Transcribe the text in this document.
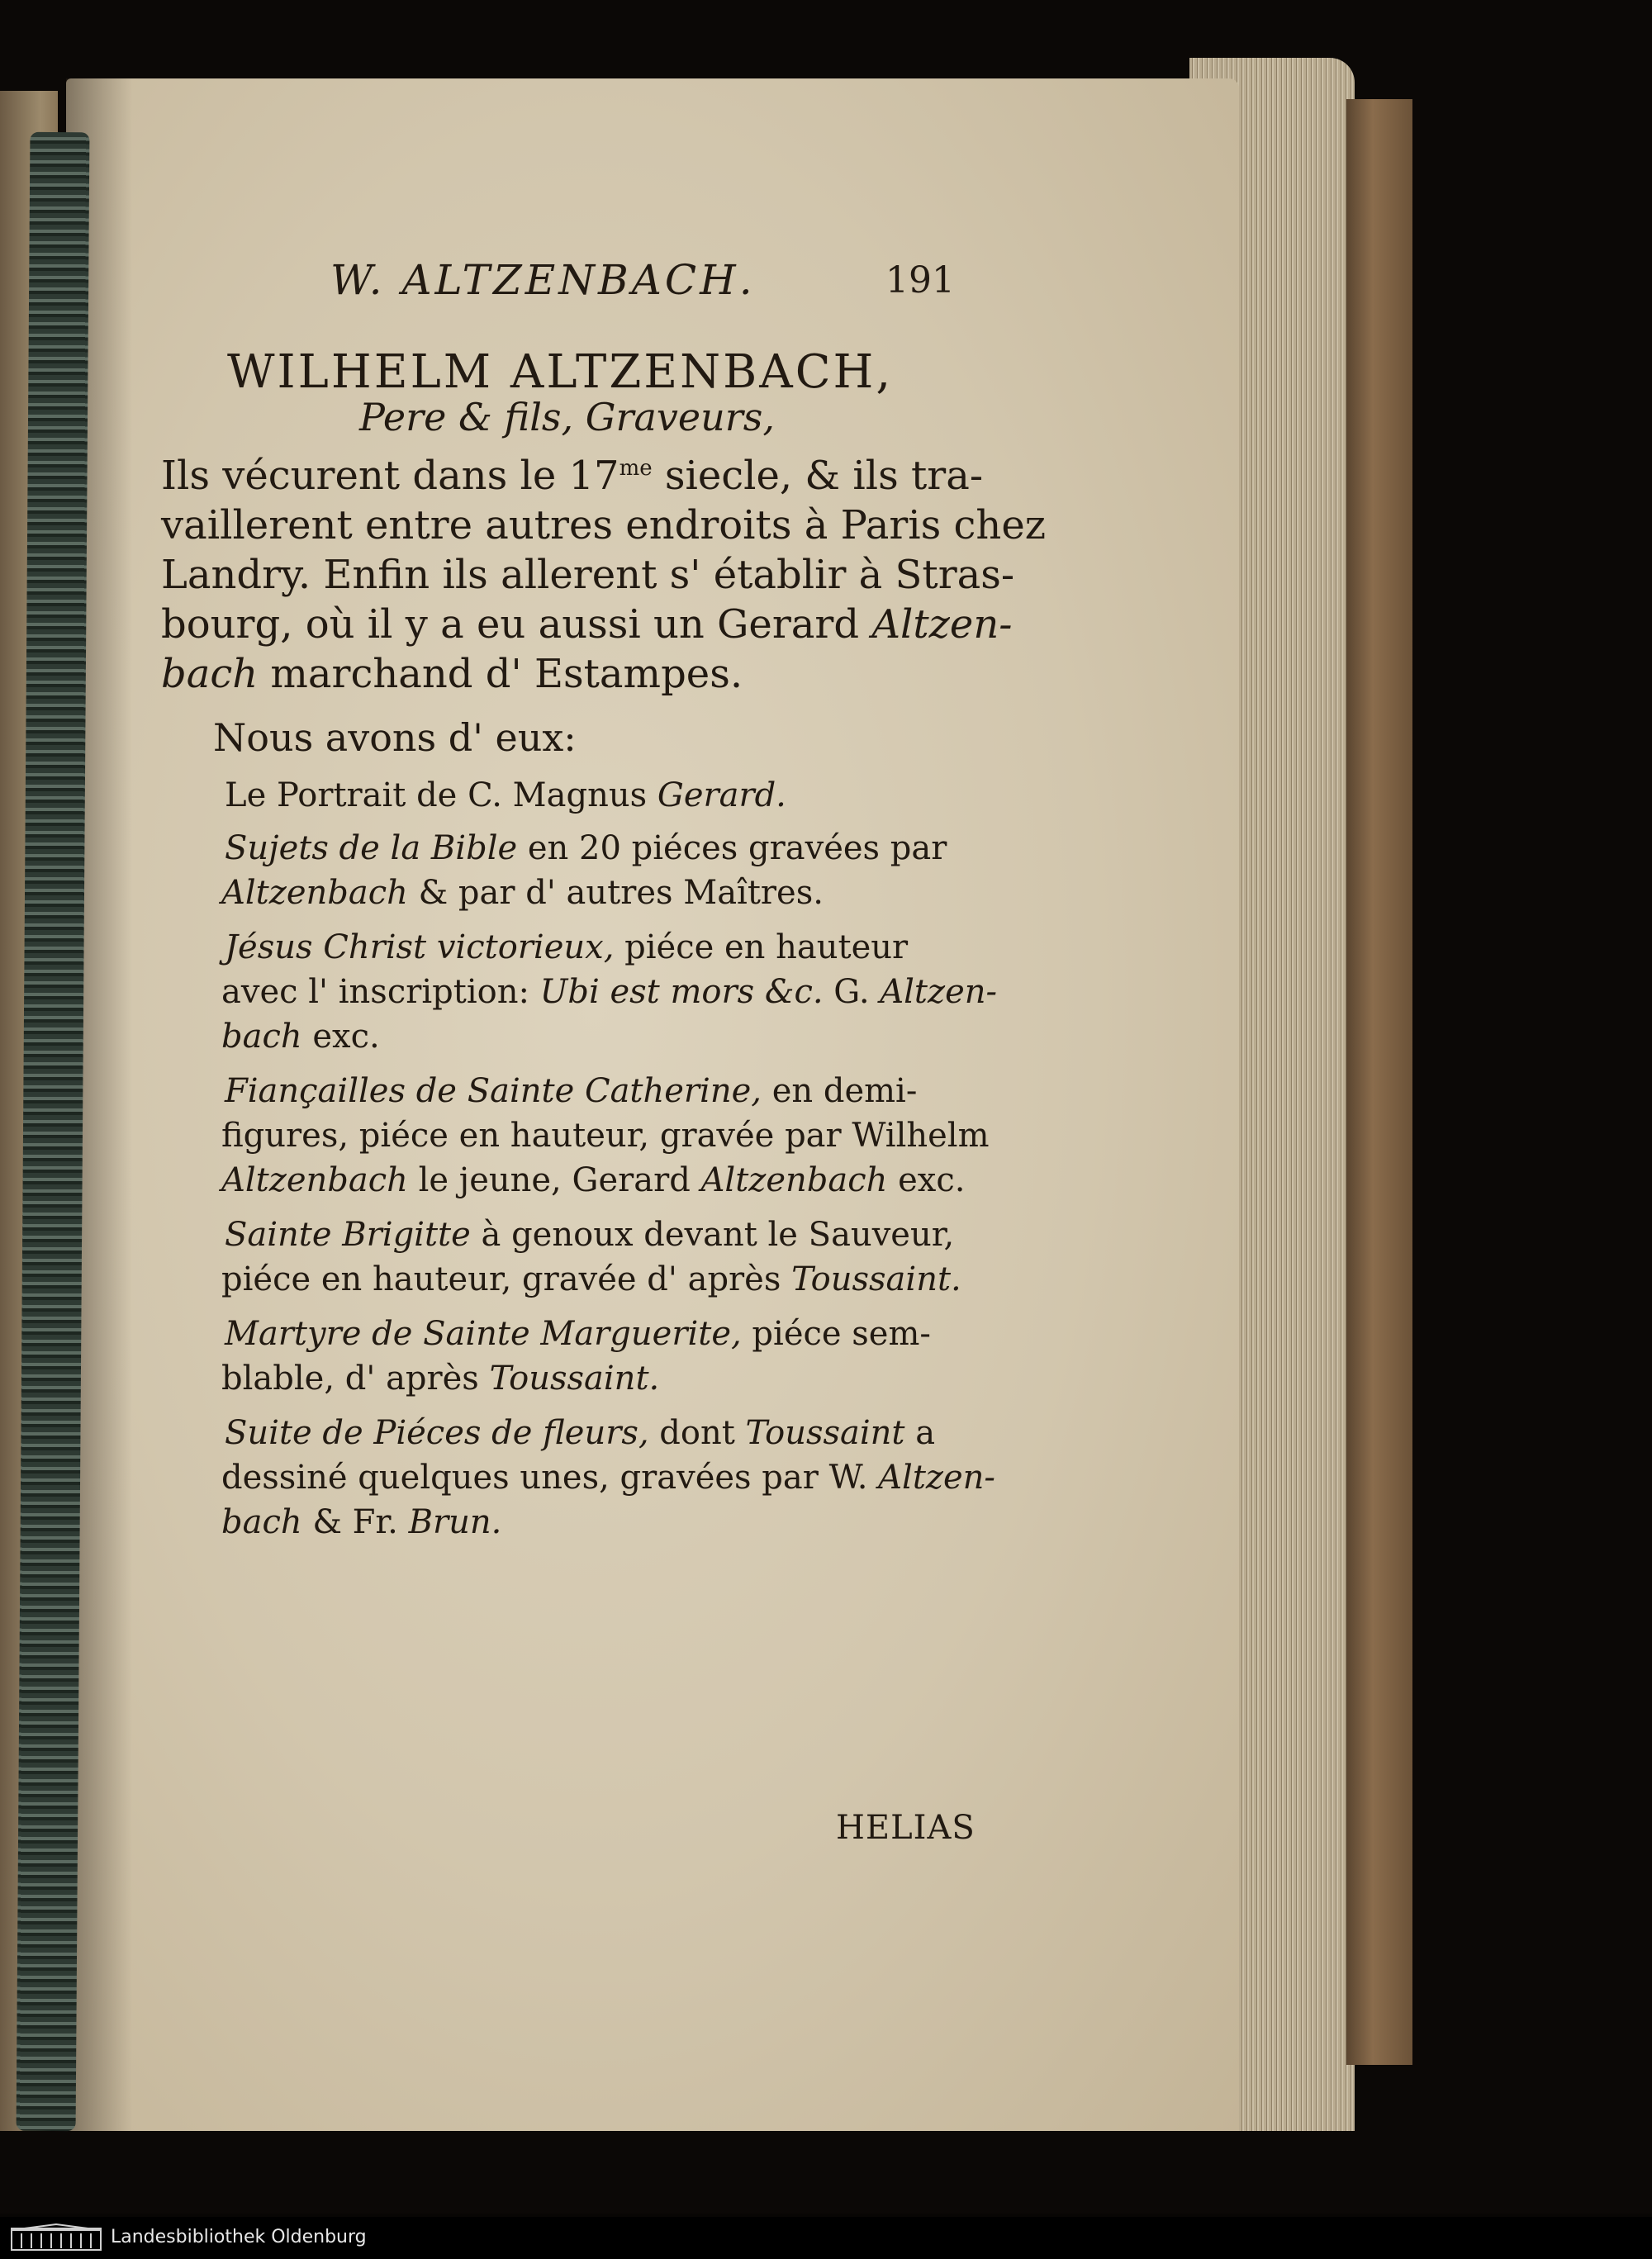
W. ALTZENBACH.	191
WILHELM ALTZENBACH,
Pere & fils, Graveurs,
Ils vécurent dans le $17^{me}$ siecle, & ils tra-
vaillerent entre autres endroits à Paris chez
Landry. Enfin ils allerent s' établir à Stras-
bourg, où il y a eu aussi un Gerard Altzen-
bach marchand d' Estampes.
Nous avons d' eux:
Le Portrait de C. Magnus Gerard.
Sujets de la Bible en 20 piéces gravées par
Altzenbach & par d' autres Maîtres.
Jésus Christ victorieux, piéce en hauteur
avec l' inscription: Ubi est mors &c. G. Altzen-
bach exc.
Fiançailles de Sainte Catherine, en demi-
figures, piéce en hauteur, gravée par Wilhelm
Altzenbach le jeune, Gerard Altzenbach exc.
Sainte Brigitte à genoux devant le Sauveur,
piéce en hauteur, gravée d' après Toussaint.
Martyre de Sainte Marguerite, piéce sem-
blable, d' après Toussaint.
Suite de Piéces de fleurs, dont Toussaint a
dessiné quelques unes, gravées par W. Altzen-
bach & Fr. Brun.
HELIAS
Landesbibliothek Oldenburg
